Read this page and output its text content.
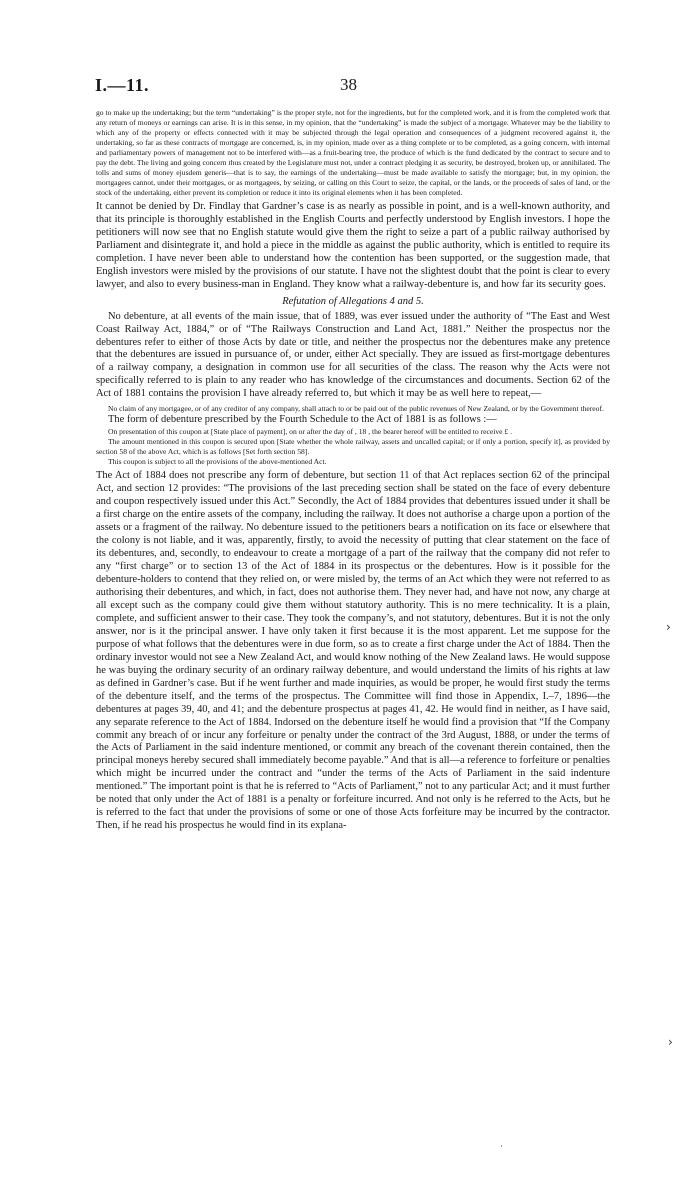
I.—11.	38

go to make up the undertaking; but the term “undertaking” is the proper style, not for the ingredients, but for the completed work, and it is from the completed work that any return of moneys or earnings can arise. It is in this sense, in my opinion, that the “undertaking” is made the subject of a mortgage. Whatever may be the liability to which any of the property or effects connected with it may be subjected through the legal operation and consequences of a judgment recovered against it, the undertaking, so far as these contracts of mortgage are concerned, is, in my opinion, made over as a thing complete or to be completed, as a going concern, with internal and parliamentary powers of management not to be interfered with—as a fruit-bearing tree, the produce of which is the fund dedicated by the contract to secure and to pay the debt. The living and going concern thus created by the Legislature must not, under a contract pledging it as security, be destroyed, broken up, or annihilated. The tolls and sums of money ejusdem generis—that is to say, the earnings of the undertaking—must be made available to satisfy the mortgage; but, in my opinion, the mortgagees cannot, under their mortgages, or as mortgagees, by seizing, or calling on this Court to seize, the capital, or the lands, or the proceeds of sales of land, or the stock of the undertaking, either prevent its completion or reduce it into its original elements when it has been completed.

It cannot be denied by Dr. Findlay that Gardner’s case is as nearly as possible in point, and is a well-known authority, and that its principle is thoroughly established in the English Courts and perfectly understood by English investors. I hope the petitioners will now see that no English statute would give them the right to seize a part of a public railway authorised by Parliament and disintegrate it, and hold a piece in the middle as against the public authority, which is entitled to require its completion. I have never been able to understand how the contention has been supported, or the suggestion made, that English investors were misled by the provisions of our statute. I have not the slightest doubt that the point is clear to every lawyer, and also to every business-man in England. They know what a railway-debenture is, and how far its security goes.

Refutation of Allegations 4 and 5.

No debenture, at all events of the main issue, that of 1889, was ever issued under the authority of “The East and West Coast Railway Act, 1884,” or of “The Railways Construction and Land Act, 1881.” Neither the prospectus nor the debentures refer to either of those Acts by date or title, and neither the prospectus nor the debentures make any pretence that the debentures are issued in pursuance of, or under, either Act specially. They are issued as first-mortgage debentures of a railway company, a designation in common use for all securities of the class. The reason why the Acts were not specifically referred to is plain to any reader who has knowledge of the circumstances and documents. Section 62 of the Act of 1881 contains the provision I have already referred to, but which it may be as well here to repeat,—

No claim of any mortgagee, or of any creditor of any company, shall attach to or be paid out of the public revenues of New Zealand, or by the Government thereof.

The form of debenture prescribed by the Fourth Schedule to the Act of 1881 is as follows :—

On presentation of this coupon at [State place of payment], on or after the day of , 18 , the bearer hereof will be entitled to receive £ .

The amount mentioned in this coupon is secured upon [State whether the whole railway, assets and uncalled capital; or if only a portion, specify it], as provided by section 58 of the above Act, which is as follows [Set forth section 58].

This coupon is subject to all the provisions of the above-mentioned Act.

The Act of 1884 does not prescribe any form of debenture, but section 11 of that Act replaces section 62 of the principal Act, and section 12 provides: “The provisions of the last preceding section shall be stated on the face of every debenture and coupon respectively issued under this Act.” Secondly, the Act of 1884 provides that debentures issued under it shall be a first charge on the entire assets of the company, including the railway. It does not authorise a charge upon a portion of the assets or a fragment of the railway. No debenture issued to the petitioners bears a notification on its face or elsewhere that the colony is not liable, and it was, apparently, firstly, to avoid the necessity of putting that clear statement on the face of its debentures, and, secondly, to endeavour to create a mortgage of a part of the railway that the company did not refer to any “first charge” or to section 13 of the Act of 1884 in its prospectus or the debentures. How is it possible for the debenture-holders to contend that they relied on, or were misled by, the terms of an Act which they were not referred to as authorising their debentures, and which, in fact, does not authorise them. They never had, and have not now, any charge at all except such as the company could give them without statutory authority. This is no mere technicality. It is a plain, complete, and sufficient answer to their case. They took the company’s, and not statutory, debentures. But it is not the only answer, nor is it the principal answer. I have only taken it first because it is the most apparent. Let me suppose for the purpose of what follows that the debentures were in due form, so as to create a first charge under the Act of 1884. Then the ordinary investor would not see a New Zealand Act, and would know nothing of the New Zealand laws. He would suppose he was buying the ordinary security of an ordinary railway debenture, and would understand the limits of his rights at law as defined in Gardner’s case. But if he went further and made inquiries, as would be proper, he would first study the terms of the debenture itself, and the terms of the prospectus. The Committee will find those in Appendix, I.–7, 1896—the debentures at pages 39, 40, and 41; and the debenture prospectus at pages 41, 42. He would find in neither, as I have said, any separate reference to the Act of 1884. Indorsed on the debenture itself he would find a provision that “If the Company commit any breach of or incur any forfeiture or penalty under the contract of the 3rd August, 1888, or under the terms of the Acts of Parliament in the said indenture mentioned, or commit any breach of the covenant therein contained, then the principal moneys hereby secured shall immediately become payable.” And that is all—a reference to forfeiture or penalties which might be incurred under the contract and “under the terms of the Acts of Parliament in the said indenture mentioned.” The important point is that he is referred to “Acts of Parliament,” not to any particular Act; and it must further be noted that only under the Act of 1881 is a penalty or forfeiture incurred. And not only is he referred to the Acts, but he is referred to the fact that under the provisions of some or one of those Acts forfeiture may be incurred by the contractor. Then, if he read his prospectus he would find in its explana-

›
›
·
